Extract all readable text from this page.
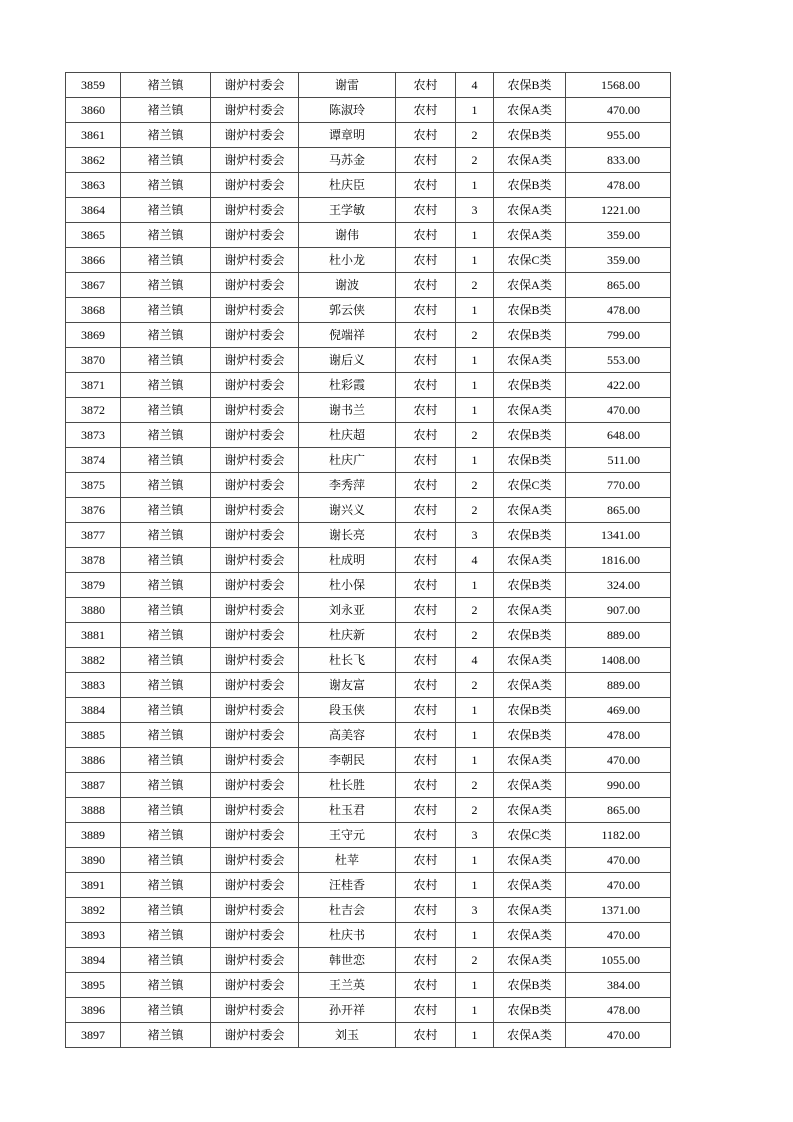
3859	褚兰镇	谢炉村委会	谢雷	农村	4	农保B类	1568.00
3860	褚兰镇	谢炉村委会	陈淑玲	农村	1	农保A类	470.00
3861	褚兰镇	谢炉村委会	谭章明	农村	2	农保B类	955.00
3862	褚兰镇	谢炉村委会	马苏金	农村	2	农保A类	833.00
3863	褚兰镇	谢炉村委会	杜庆臣	农村	1	农保B类	478.00
3864	褚兰镇	谢炉村委会	王学敏	农村	3	农保A类	1221.00
3865	褚兰镇	谢炉村委会	谢伟	农村	1	农保A类	359.00
3866	褚兰镇	谢炉村委会	杜小龙	农村	1	农保C类	359.00
3867	褚兰镇	谢炉村委会	谢波	农村	2	农保A类	865.00
3868	褚兰镇	谢炉村委会	郭云侠	农村	1	农保B类	478.00
3869	褚兰镇	谢炉村委会	倪端祥	农村	2	农保B类	799.00
3870	褚兰镇	谢炉村委会	谢后义	农村	1	农保A类	553.00
3871	褚兰镇	谢炉村委会	杜彩霞	农村	1	农保B类	422.00
3872	褚兰镇	谢炉村委会	谢书兰	农村	1	农保A类	470.00
3873	褚兰镇	谢炉村委会	杜庆超	农村	2	农保B类	648.00
3874	褚兰镇	谢炉村委会	杜庆广	农村	1	农保B类	511.00
3875	褚兰镇	谢炉村委会	李秀萍	农村	2	农保C类	770.00
3876	褚兰镇	谢炉村委会	谢兴义	农村	2	农保A类	865.00
3877	褚兰镇	谢炉村委会	谢长亮	农村	3	农保B类	1341.00
3878	褚兰镇	谢炉村委会	杜成明	农村	4	农保A类	1816.00
3879	褚兰镇	谢炉村委会	杜小保	农村	1	农保B类	324.00
3880	褚兰镇	谢炉村委会	刘永亚	农村	2	农保A类	907.00
3881	褚兰镇	谢炉村委会	杜庆新	农村	2	农保B类	889.00
3882	褚兰镇	谢炉村委会	杜长飞	农村	4	农保A类	1408.00
3883	褚兰镇	谢炉村委会	谢友富	农村	2	农保A类	889.00
3884	褚兰镇	谢炉村委会	段玉侠	农村	1	农保B类	469.00
3885	褚兰镇	谢炉村委会	高美容	农村	1	农保B类	478.00
3886	褚兰镇	谢炉村委会	李朝民	农村	1	农保A类	470.00
3887	褚兰镇	谢炉村委会	杜长胜	农村	2	农保A类	990.00
3888	褚兰镇	谢炉村委会	杜玉君	农村	2	农保A类	865.00
3889	褚兰镇	谢炉村委会	王守元	农村	3	农保C类	1182.00
3890	褚兰镇	谢炉村委会	杜苹	农村	1	农保A类	470.00
3891	褚兰镇	谢炉村委会	汪桂香	农村	1	农保A类	470.00
3892	褚兰镇	谢炉村委会	杜吉会	农村	3	农保A类	1371.00
3893	褚兰镇	谢炉村委会	杜庆书	农村	1	农保A类	470.00
3894	褚兰镇	谢炉村委会	韩世恋	农村	2	农保A类	1055.00
3895	褚兰镇	谢炉村委会	王兰英	农村	1	农保B类	384.00
3896	褚兰镇	谢炉村委会	孙开祥	农村	1	农保B类	478.00
3897	褚兰镇	谢炉村委会	刘玉	农村	1	农保A类	470.00
